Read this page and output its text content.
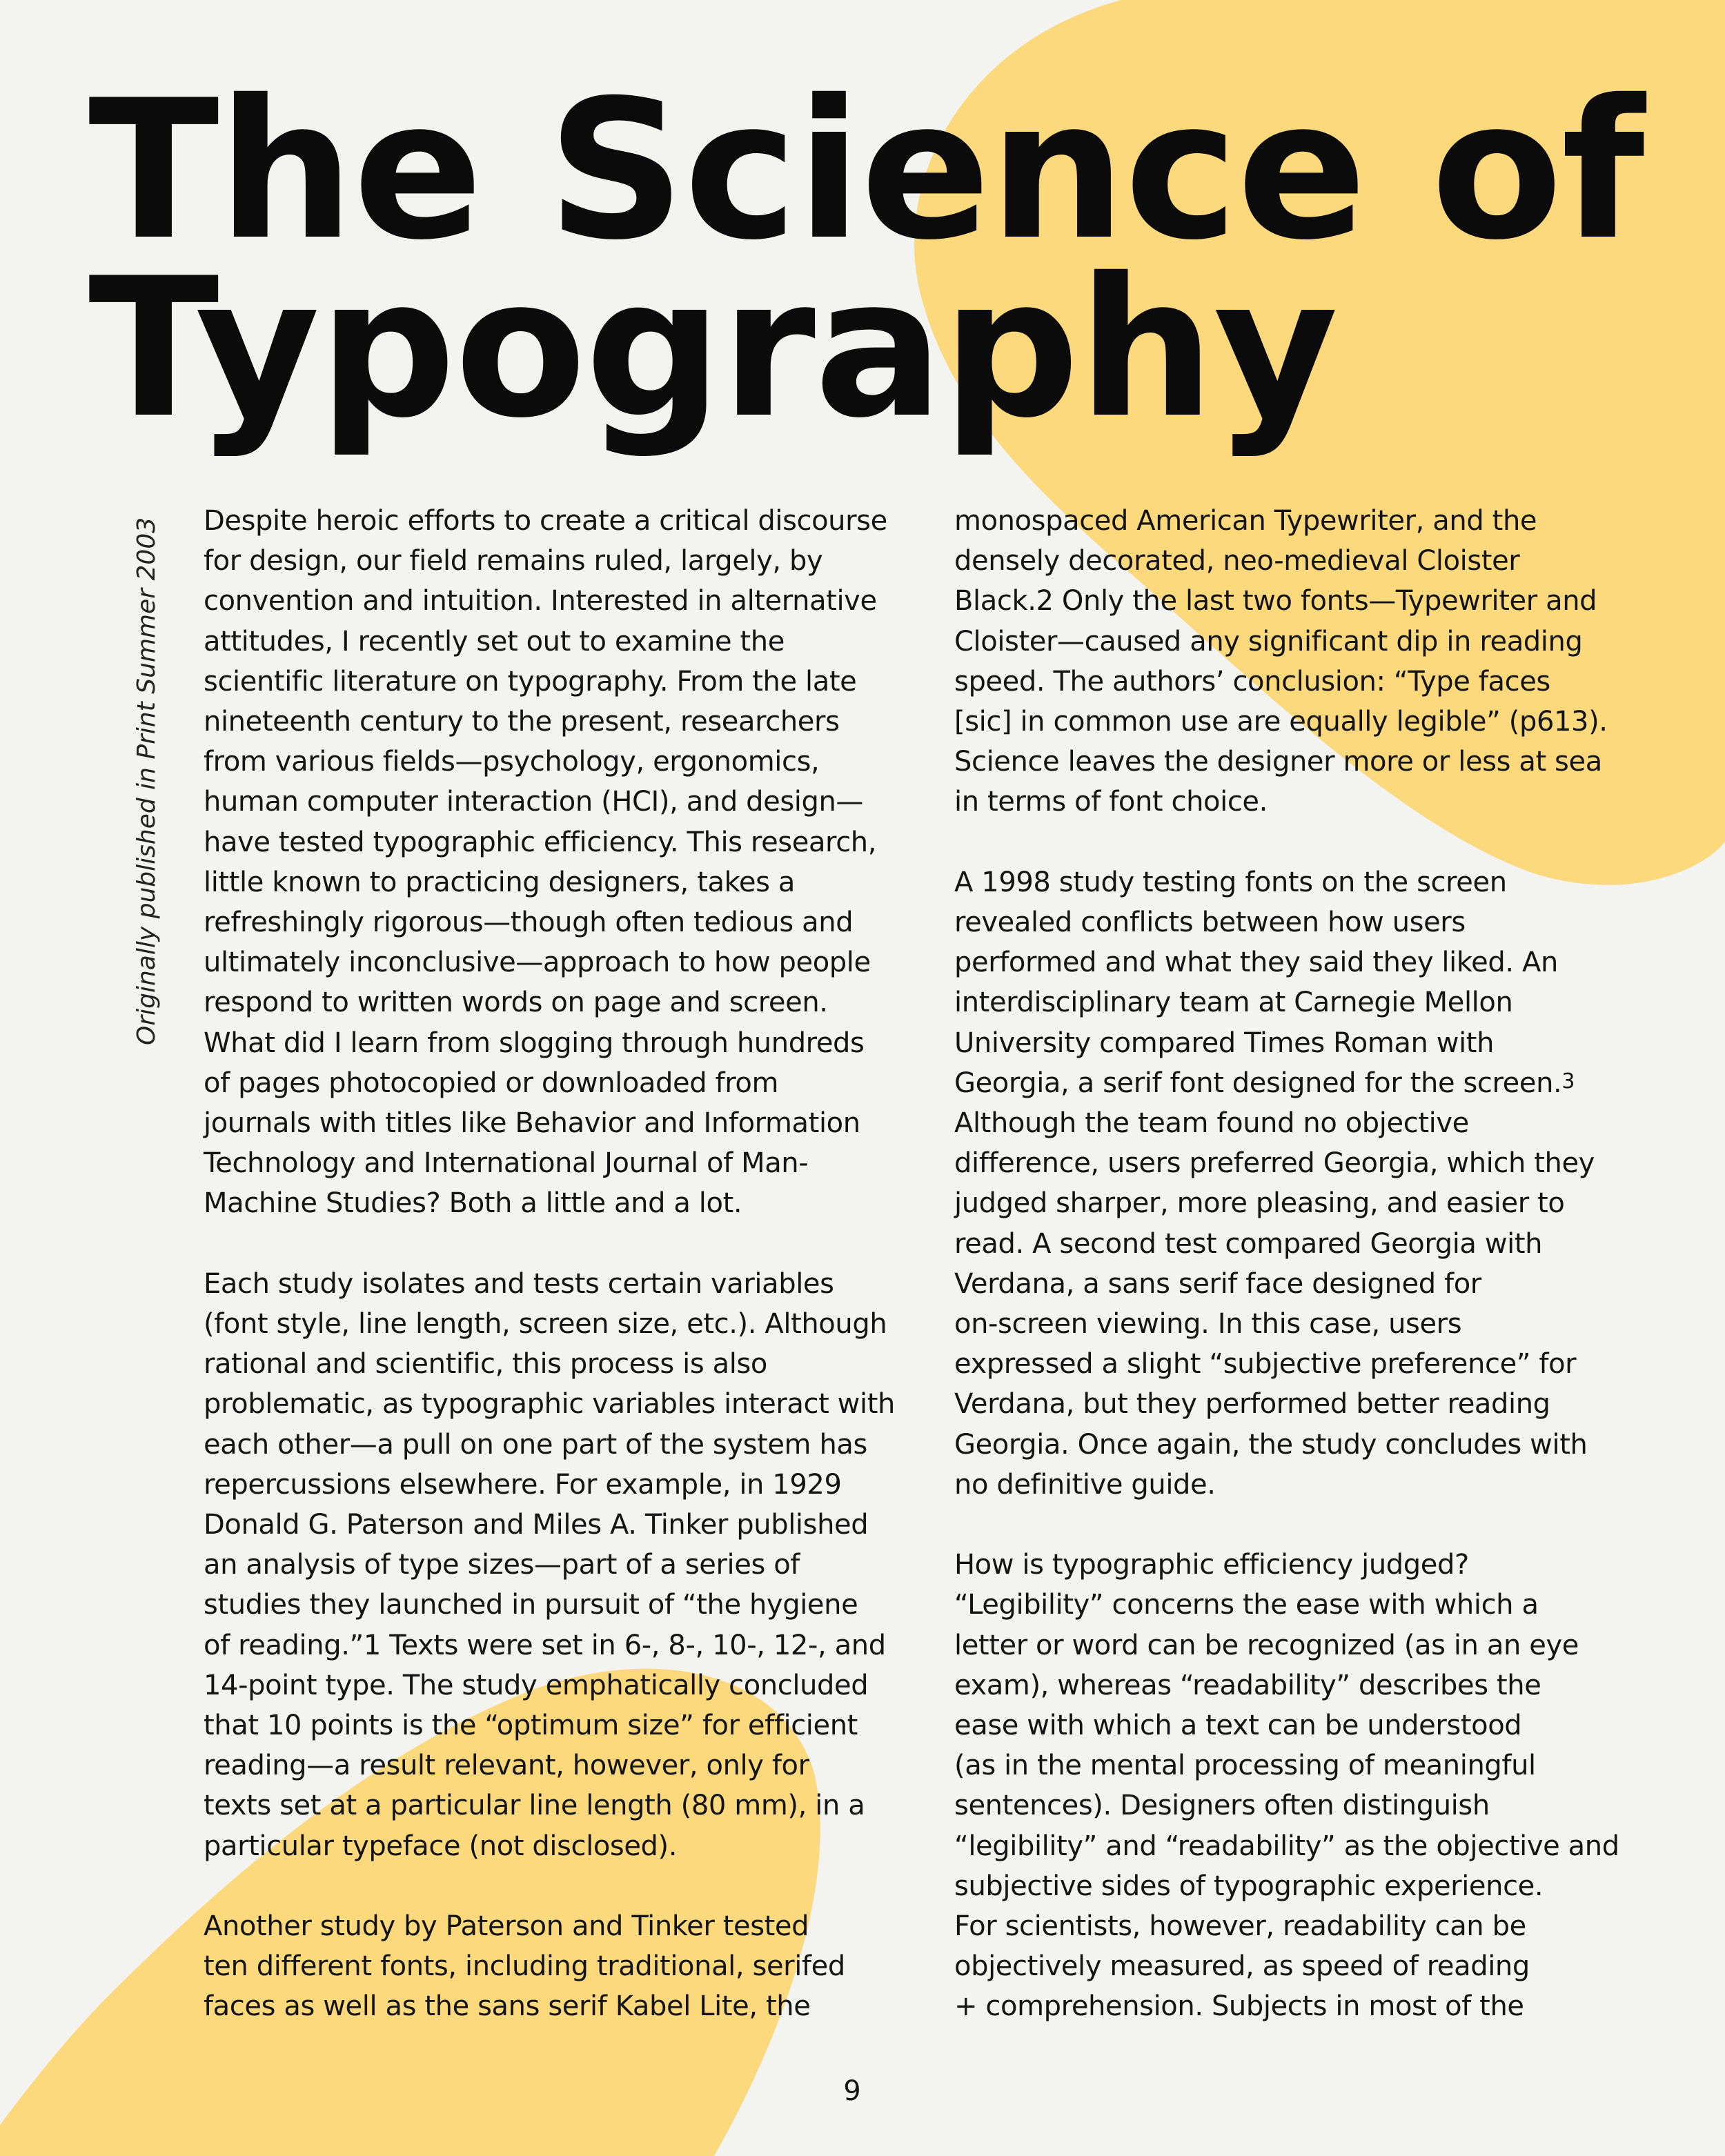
The Science of
Typography
Originally published in Print Summer 2003 Despite heroic efforts to create a critical discourse
for design, our field remains ruled, largely, by
convention and intuition. Interested in alternative
attitudes, I recently set out to examine the
scientific literature on typography. From the late
nineteenth century to the present, researchers
from various fields—psychology, ergonomics,
human computer interaction (HCI), and design—
have tested typographic efficiency. This research,
little known to practicing designers, takes a
refreshingly rigorous—though often tedious and
ultimately inconclusive—approach to how people
respond to written words on page and screen.
What did I learn from slogging through hundreds
of pages photocopied or downloaded from
journals with titles like Behavior and Information
Technology and International Journal of Man-
Machine Studies? Both a little and a lot.

Each study isolates and tests certain variables
(font style, line length, screen size, etc.). Although
rational and scientific, this process is also
problematic, as typographic variables interact with
each other—a pull on one part of the system has
repercussions elsewhere. For example, in 1929
Donald G. Paterson and Miles A. Tinker published
an analysis of type sizes—part of a series of
studies they launched in pursuit of “the hygiene
of reading.”1 Texts were set in 6-, 8-, 10-, 12-, and
14-point type. The study emphatically concluded
that 10 points is the “optimum size” for efficient
reading—a result relevant, however, only for
texts set at a particular line length (80 mm), in a
particular typeface (not disclosed).

Another study by Paterson and Tinker tested
ten different fonts, including traditional, serifed
faces as well as the sans serif Kabel Lite, the

monospaced American Typewriter, and the
densely decorated, neo-medieval Cloister
Black.2 Only the last two fonts—Typewriter and
Cloister—caused any significant dip in reading
speed. The authors’ conclusion: “Type faces
[sic] in common use are equally legible” (p613).
Science leaves the designer more or less at sea
in terms of font choice.

A 1998 study testing fonts on the screen
revealed conflicts between how users
performed and what they said they liked. An
interdisciplinary team at Carnegie Mellon
University compared Times Roman with
Georgia, a serif font designed for the screen.$^3$
Although the team found no objective
difference, users preferred Georgia, which they
judged sharper, more pleasing, and easier to
read. A second test compared Georgia with
Verdana, a sans serif face designed for
on-screen viewing. In this case, users
expressed a slight “subjective preference” for
Verdana, but they performed better reading
Georgia. Once again, the study concludes with
no definitive guide.

How is typographic efficiency judged?
“Legibility” concerns the ease with which a
letter or word can be recognized (as in an eye
exam), whereas “readability” describes the
ease with which a text can be understood
(as in the mental processing of meaningful
sentences). Designers often distinguish
“legibility” and “readability” as the objective and
subjective sides of typographic experience.
For scientists, however, readability can be
objectively measured, as speed of reading
+ comprehension. Subjects in most of the

9
